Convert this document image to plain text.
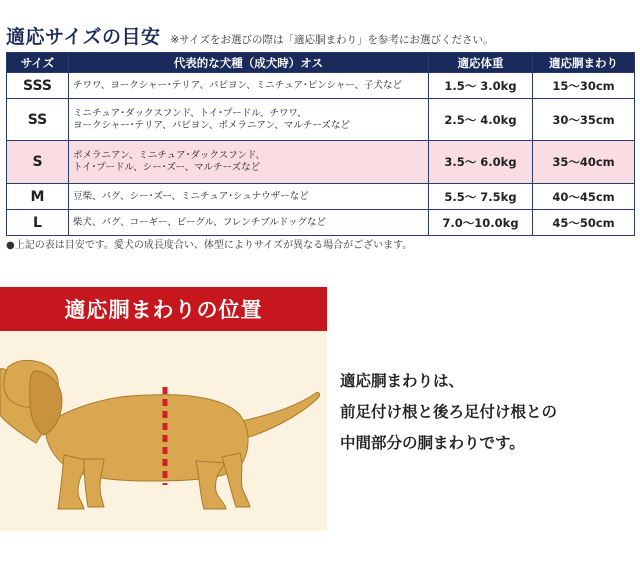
適応サイズの目安 ※サイズをお選びの際は「適応胴まわり」を参考にお選びください。
サイズ	代表的な犬種（成犬時）オス	適応体重	適応胴まわり
SSS	チワワ、ヨークシャー･テリア、パピヨン、ミニチュア･ピンシャー、子犬など	1.5～ 3.0kg	15～30cm
SS	ミニチュア･ダックスフンド、トイ･プードル、チワワ、
ヨークシャー･テリア、パピヨン、ポメラニアン、マルチーズなど	2.5～ 4.0kg	30～35cm
S	ポメラニアン、ミニチュア･ダックスフンド、
トイ･プードル、シー･ズー、マルチーズなど	3.5～ 6.0kg	35～40cm
M	豆柴、パグ、シー･ズー、ミニチュア･シュナウザーなど	5.5～ 7.5kg	40～45cm
L	柴犬、パグ、コーギー、ビーグル、フレンチブルドッグなど	7.0～10.0kg	45～50cm
●上記の表は目安です。愛犬の成長度合い、体型によりサイズが異なる場合がございます。
適応胴まわりの位置
適応胴まわりは、
前足付け根と後ろ足付け根との
中間部分の胴まわりです。
